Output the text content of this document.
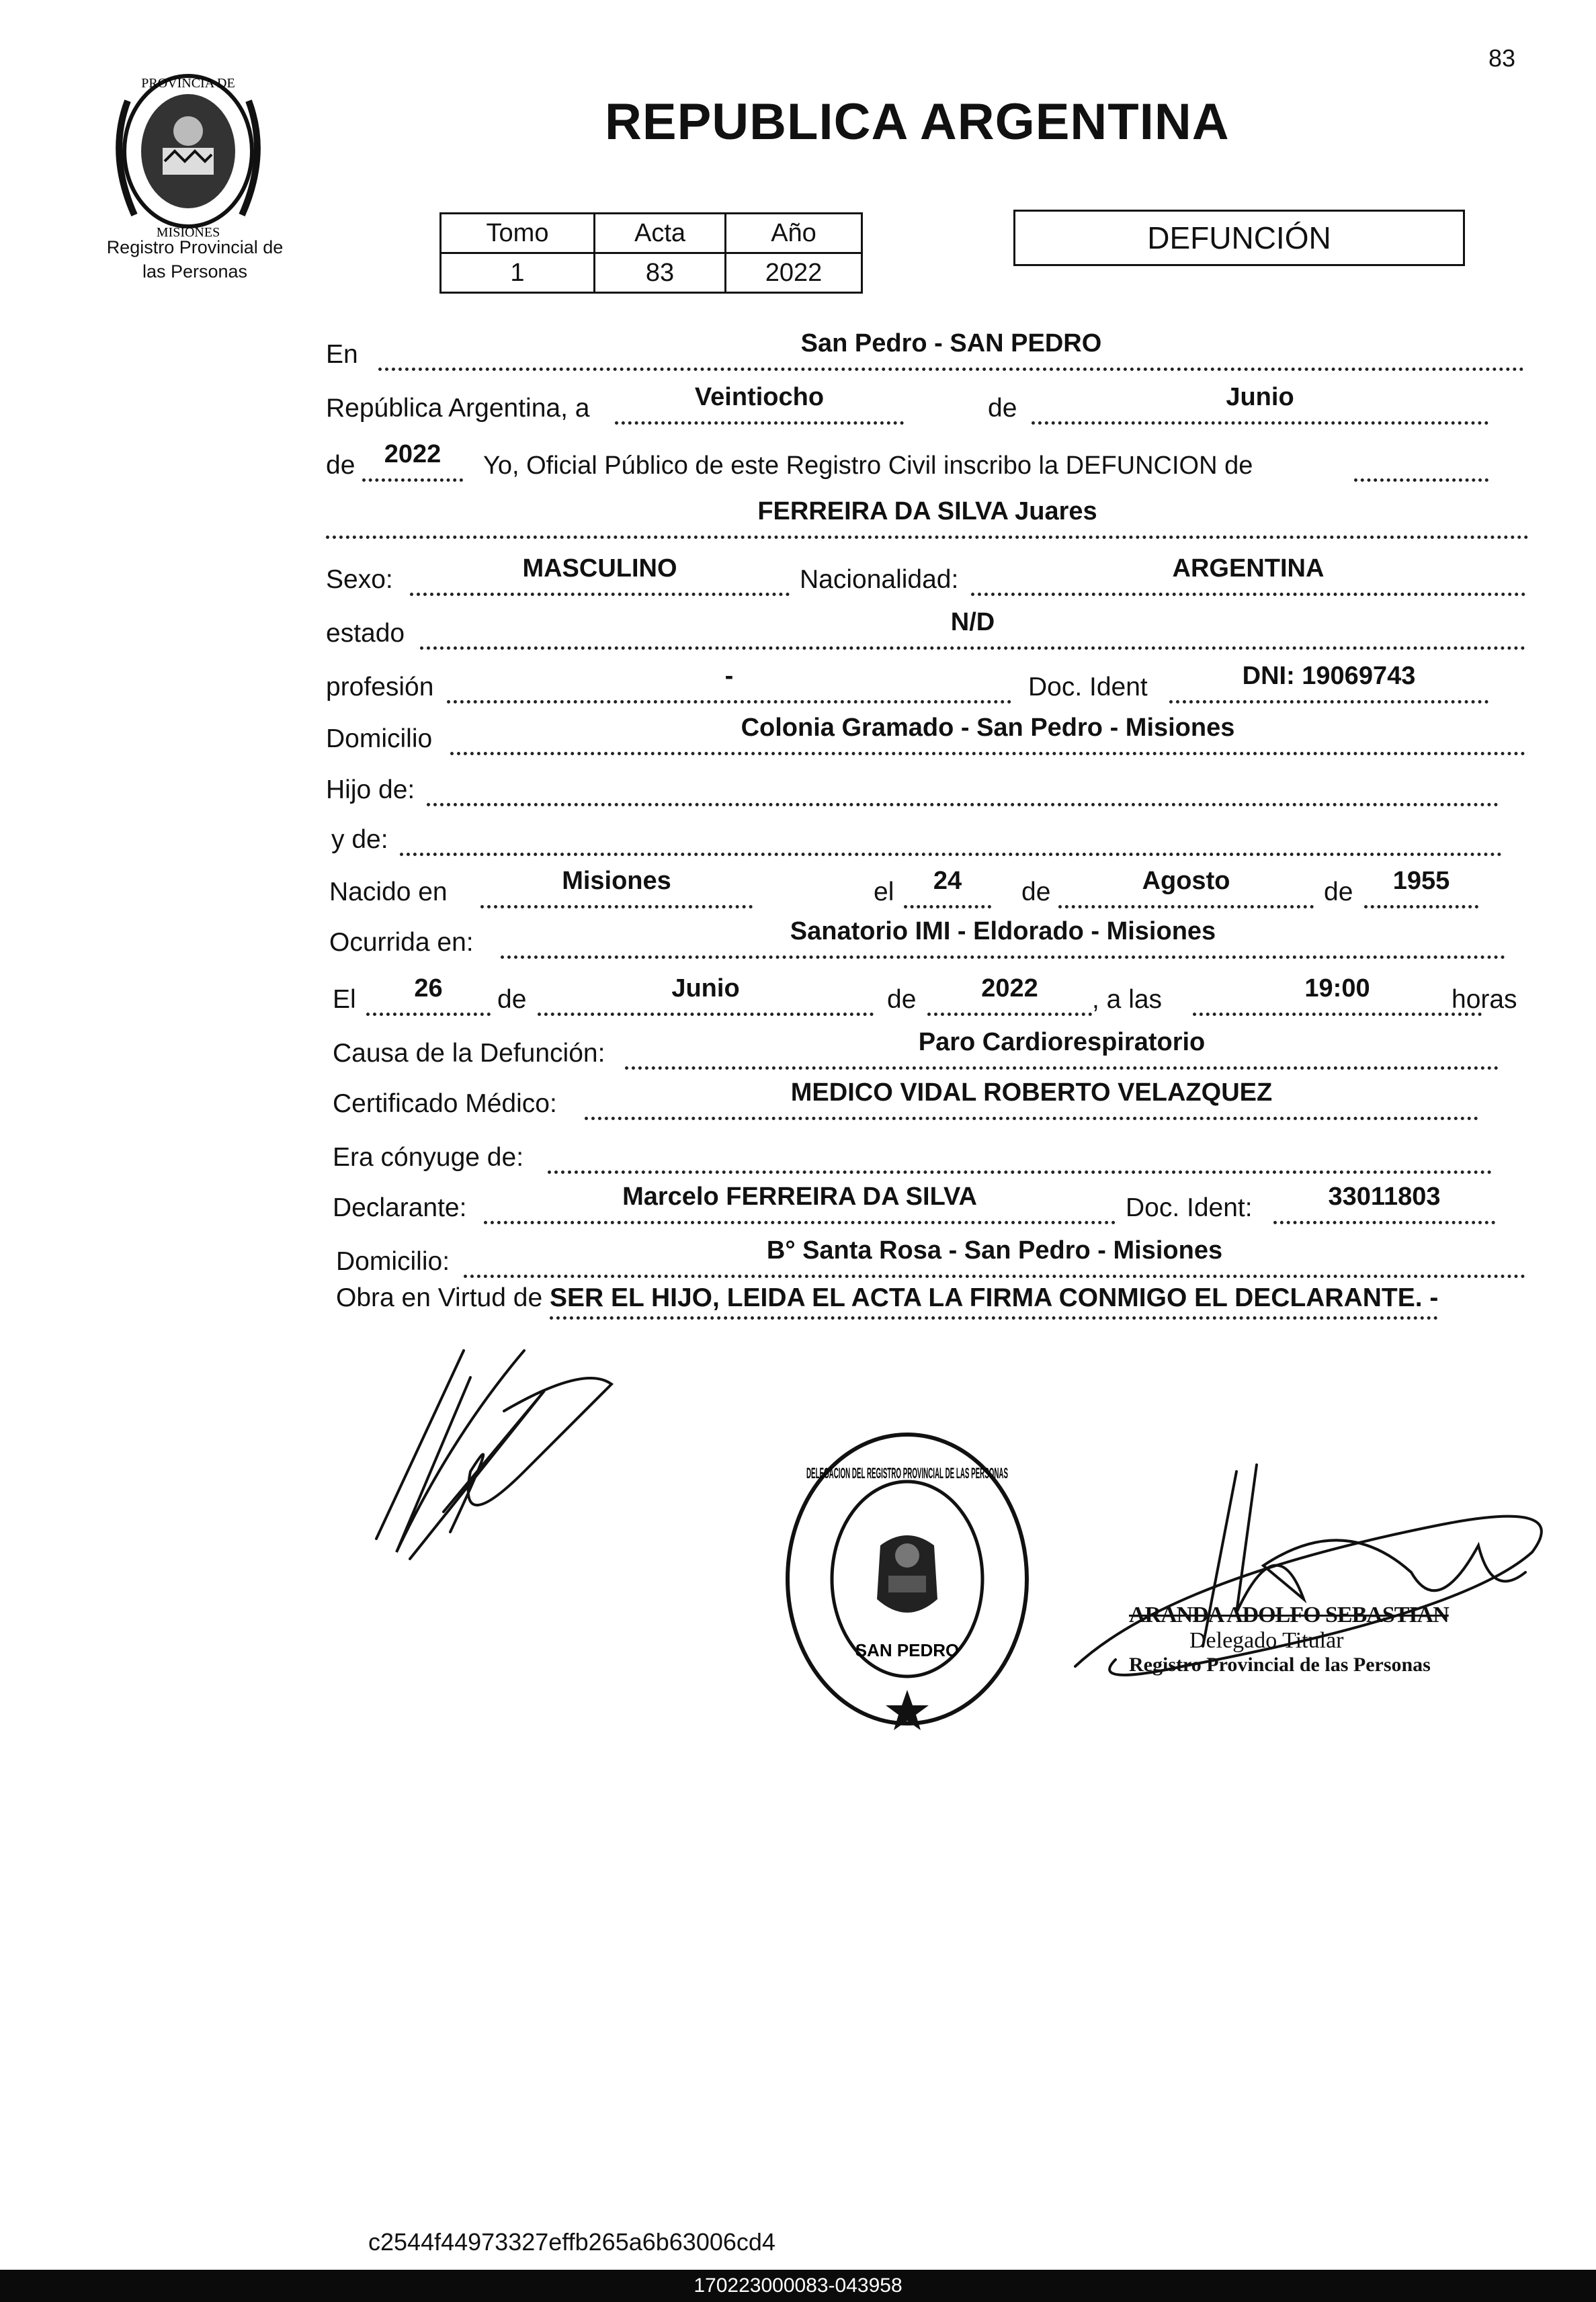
83
PROVINCIA DE
MISIONES
Registro Provincial de
las Personas
REPUBLICA ARGENTINA
Tomo	Acta	Año
1	83	2022
DEFUNCIÓN
En	San Pedro - SAN PEDRO
República Argentina, a	Veintiocho	de	Junio
de	2022	Yo, Oficial Público de este Registro Civil inscribo la DEFUNCION de
FERREIRA DA SILVA Juares
Sexo:	MASCULINO	Nacionalidad:	ARGENTINA
estado	N/D
profesión	-	Doc. Ident	DNI: 19069743
Domicilio	Colonia Gramado - San Pedro - Misiones
Hijo de:
y de:
Nacido en	Misiones	el	24	de	Agosto	de	1955
Ocurrida en:	Sanatorio IMI - Eldorado - Misiones
El	26	de	Junio	de	2022	, a las	19:00	horas
Causa de la Defunción:	Paro Cardiorespiratorio
Certificado Médico:	MEDICO VIDAL ROBERTO VELAZQUEZ
Era cónyuge de:
Declarante:	Marcelo FERREIRA DA SILVA	Doc. Ident:	33011803
Domicilio:	B° Santa Rosa - San Pedro - Misiones
Obra en Virtud de SER EL HIJO, LEIDA EL ACTA LA FIRMA CONMIGO EL DECLARANTE. -
DELEGACION DEL REGISTRO PROVINCIAL DE LAS PERSONAS
SAN PEDRO
ARANDA ADOLFO SEBASTIAN
Delegado Titular
Registro Provincial de las Personas
c2544f44973327effb265a6b63006cd4
170223000083-043958
